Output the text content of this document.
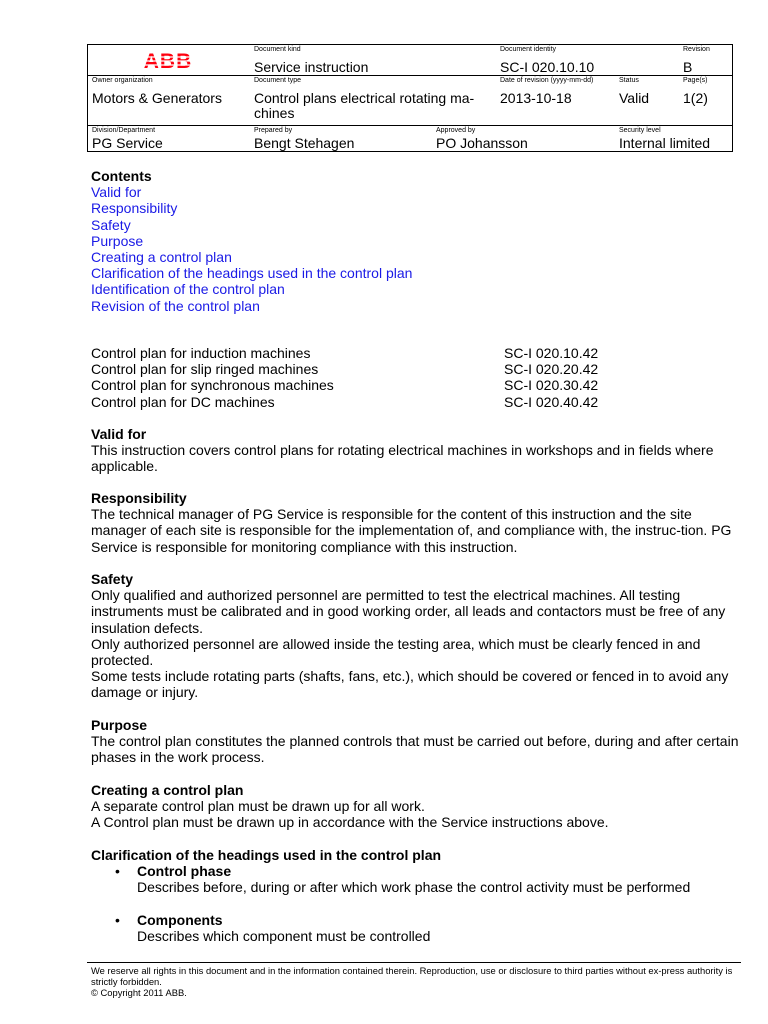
ABB
Document kind
Service instruction
Document identity
SC-I 020.10.10
Revision
B
Owner organization
Motors & Generators
Document type
Control plans electrical rotating ma-chines
Date of revision (yyyy-mm-dd)
2013-10-18
Status
Valid
Page(s)
1(2)
Division/Department
PG Service
Prepared by
Bengt Stehagen
Approved by
PO Johansson
Security level
Internal limited
Contents
Valid for
Responsibility
Safety
Purpose
Creating a control plan
Clarification of the headings used in the control plan
Identification of the control plan
Revision of the control plan
Control plan for induction machines	SC-I 020.10.42
Control plan for slip ringed machines	SC-I 020.20.42
Control plan for synchronous machines	SC-I 020.30.42
Control plan for DC machines	SC-I 020.40.42
Valid for
This instruction covers control plans for rotating electrical machines in workshops and in fields where applicable.
Responsibility
The technical manager of PG Service is responsible for the content of this instruction and the site manager of each site is responsible for the implementation of, and compliance with, the instruc-tion. PG Service is responsible for monitoring compliance with this instruction.
Safety
Only qualified and authorized personnel are permitted to test the electrical machines. All testing instruments must be calibrated and in good working order, all leads and contactors must be free of any insulation defects.
Only authorized personnel are allowed inside the testing area, which must be clearly fenced in and protected.
Some tests include rotating parts (shafts, fans, etc.), which should be covered or fenced in to avoid any damage or injury.
Purpose
The control plan constitutes the planned controls that must be carried out before, during and after certain phases in the work process.
Creating a control plan
A separate control plan must be drawn up for all work.
A Control plan must be drawn up in accordance with the Service instructions above.
Clarification of the headings used in the control plan
• Control phase
Describes before, during or after which work phase the control activity must be performed
• Components
Describes which component must be controlled
We reserve all rights in this document and in the information contained therein. Reproduction, use or disclosure to third parties without ex-press authority is strictly forbidden.
© Copyright 2011 ABB.
